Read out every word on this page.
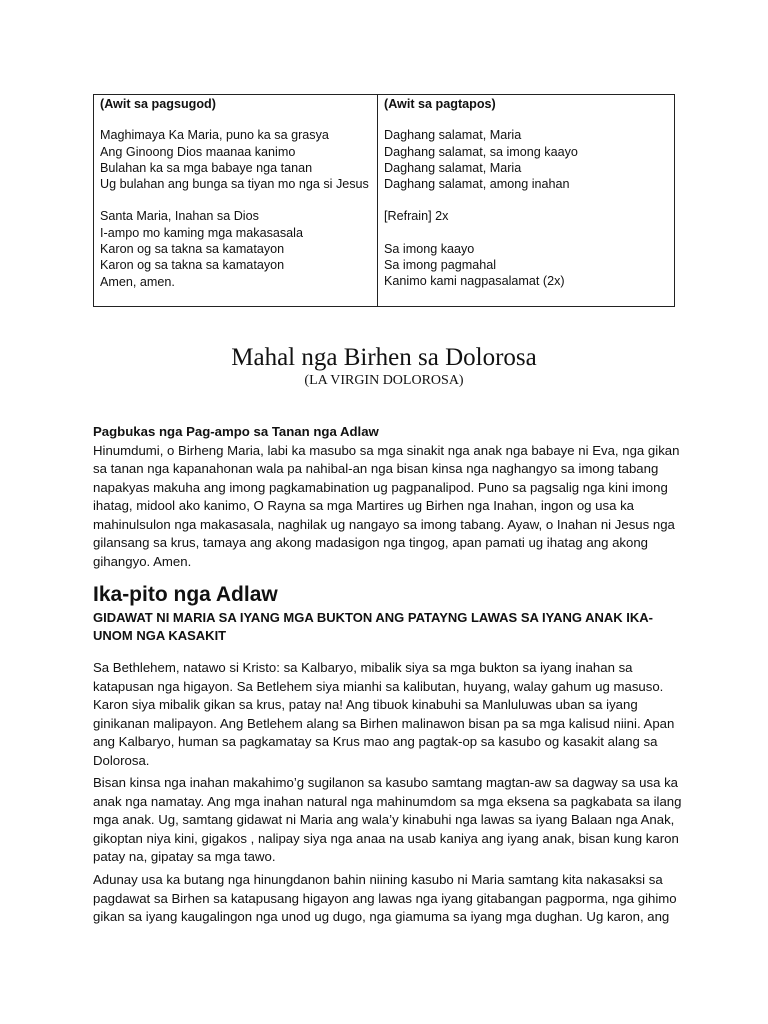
(Awit sa pagsugod)
Maghimaya Ka Maria, puno ka sa grasya
Ang Ginoong Dios maanaa kanimo
Bulahan ka sa mga babaye nga tanan
Ug bulahan ang bunga sa tiyan mo nga si Jesus
Santa Maria, Inahan sa Dios
I-ampo mo kaming mga makasasala
Karon og sa takna sa kamatayon
Karon og sa takna sa kamatayon
Amen, amen.
(Awit sa pagtapos)
Daghang salamat, Maria
Daghang salamat, sa imong kaayo
Daghang salamat, Maria
Daghang salamat, among inahan
[Refrain] 2x
Sa imong kaayo
Sa imong pagmahal
Kanimo kami nagpasalamat (2x)
Mahal nga Birhen sa Dolorosa
(LA VIRGIN DOLOROSA)
Pagbukas nga Pag-ampo sa Tanan nga Adlaw
Hinumdumi, o Birheng Maria, labi ka masubo sa mga sinakit nga anak nga babaye ni Eva, nga gikan sa tanan nga kapanahonan wala pa nahibal-an nga bisan kinsa nga naghangyo sa imong tabang napakyas makuha ang imong pagkamabination ug pagpanalipod. Puno sa pagsalig nga kini imong ihatag, midool ako kanimo, O Rayna sa mga Martires ug Birhen nga Inahan, ingon og usa ka mahinulsulon nga makasasala, naghilak ug nangayo sa imong tabang. Ayaw, o Inahan ni Jesus nga gilansang sa krus, tamaya ang akong madasigon nga tingog, apan pamati ug ihatag ang akong gihangyo. Amen.
Ika-pito nga Adlaw
GIDAWAT NI MARIA SA IYANG MGA BUKTON ANG PATAYNG LAWAS SA IYANG ANAK IKA-UNOM NGA KASAKIT
Sa Bethlehem, natawo si Kristo: sa Kalbaryo, mibalik siya sa mga bukton sa iyang inahan sa katapusan nga higayon. Sa Betlehem siya mianhi sa kalibutan, huyang, walay gahum ug masuso. Karon siya mibalik gikan sa krus, patay na! Ang tibuok kinabuhi sa Manluluwas uban sa iyang ginikanan malipayon. Ang Betlehem alang sa Birhen malinawon bisan pa sa mga kalisud niini. Apan ang Kalbaryo, human sa pagkamatay sa Krus mao ang pagtak-op sa kasubo og kasakit alang sa Dolorosa.
Bisan kinsa nga inahan makahimo’g sugilanon sa kasubo samtang magtan-aw sa dagway sa usa ka anak nga namatay. Ang mga inahan natural nga mahinumdom sa mga eksena sa pagkabata sa ilang mga anak. Ug, samtang gidawat ni Maria ang wala’y kinabuhi nga lawas sa iyang Balaan nga Anak, gikoptan niya kini, gigakos , nalipay siya nga anaa na usab kaniya ang iyang anak, bisan kung karon patay na, gipatay sa mga tawo.
Adunay usa ka butang nga hinungdanon bahin niining kasubo ni Maria samtang kita nakasaksi sa pagdawat sa Birhen sa katapusang higayon ang lawas nga iyang gitabangan pagporma, nga gihimo gikan sa iyang kaugalingon nga unod ug dugo, nga giamuma sa iyang mga dughan. Ug karon, ang
